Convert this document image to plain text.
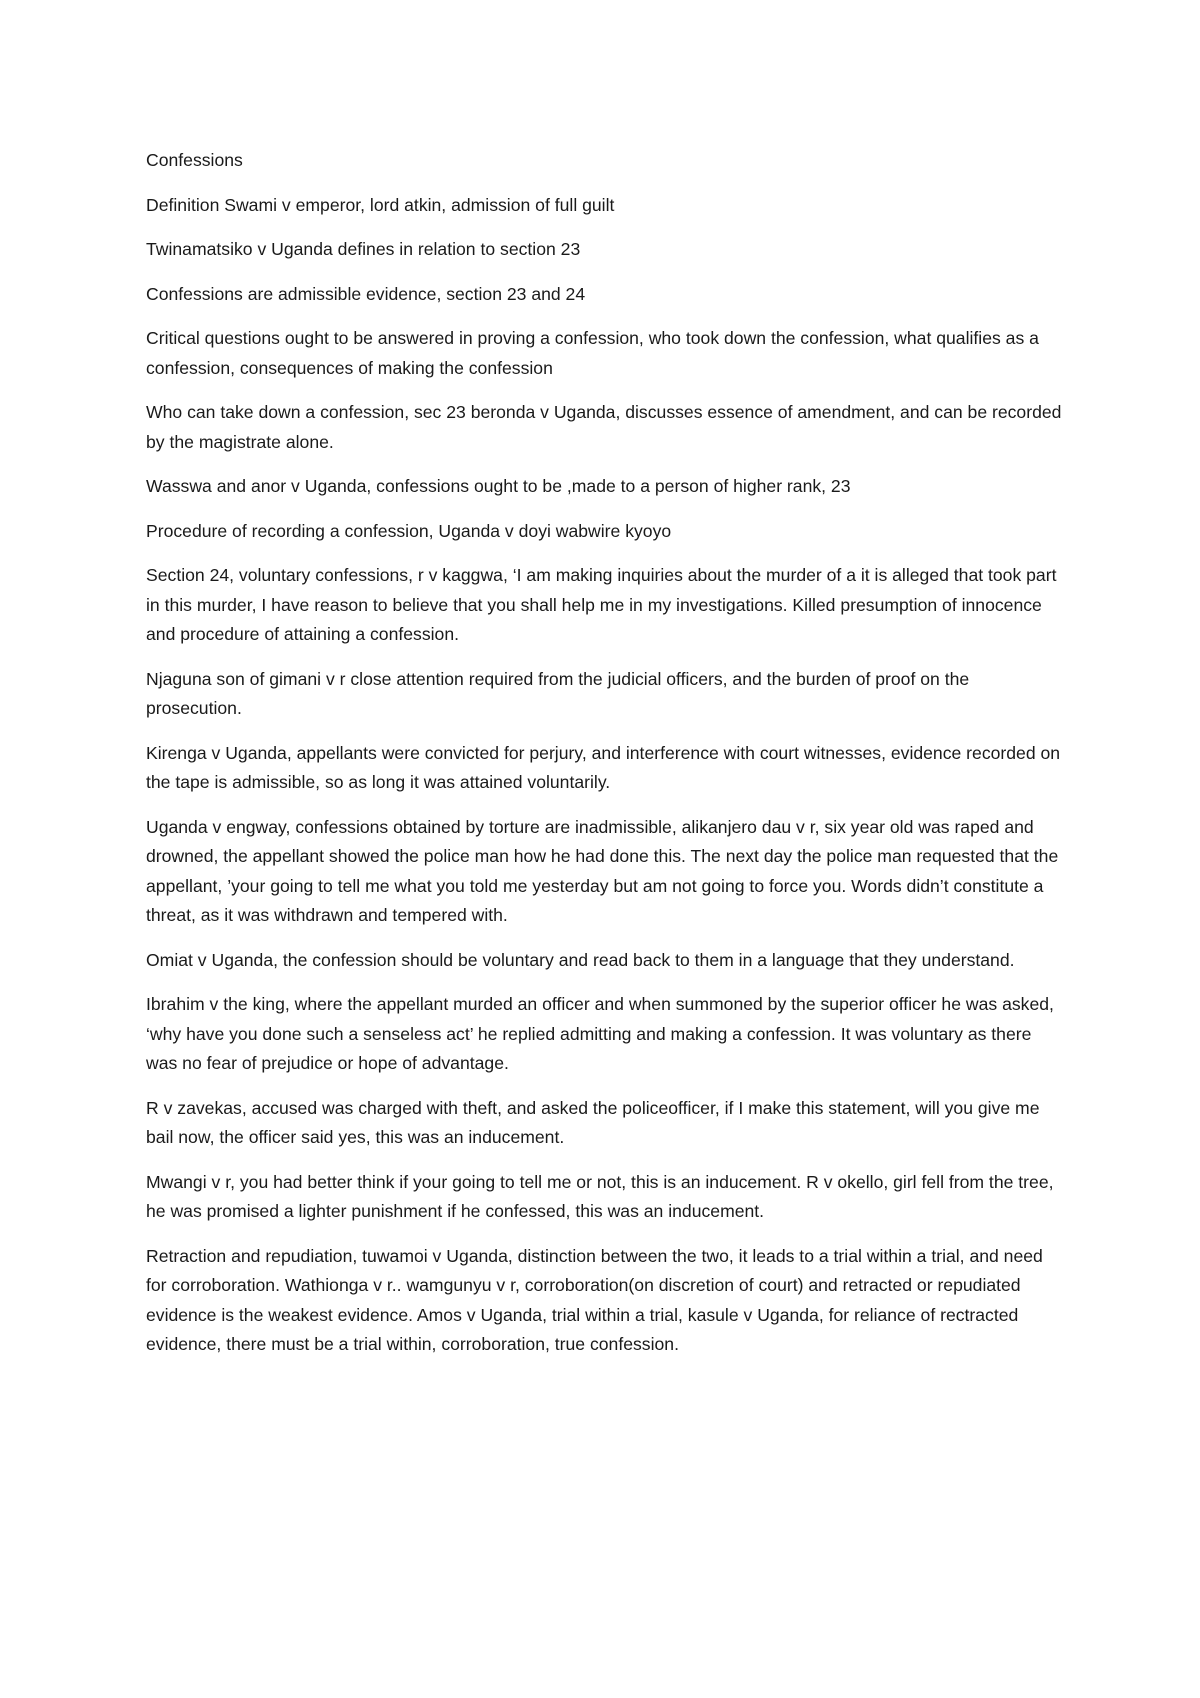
Confessions

Definition Swami v emperor, lord atkin, admission of full guilt

Twinamatsiko v Uganda defines in relation to section 23

Confessions are admissible evidence, section 23 and 24

Critical questions ought to be answered in proving a confession, who took down the confession, what qualifies as a confession, consequences of making the confession

Who can take down a confession, sec 23 beronda v Uganda, discusses essence of amendment, and can be recorded by the magistrate alone.

Wasswa and anor v Uganda, confessions ought to be ,made to a person of higher rank, 23

Procedure of recording a confession, Uganda v doyi wabwire kyoyo

Section 24, voluntary confessions, r v kaggwa, ‘I am making inquiries about the murder of a it is alleged that took part in this murder, I have reason to believe that you shall help me in my investigations. Killed presumption of innocence and procedure of attaining a confession.

Njaguna son of gimani v r close attention required from the judicial officers, and the burden of proof on the prosecution.

Kirenga v Uganda, appellants were convicted for perjury, and interference with court witnesses, evidence recorded on the tape is admissible, so as long it was attained voluntarily.

Uganda v engway, confessions obtained by torture are inadmissible, alikanjero dau v r, six year old was raped and drowned, the appellant showed the police man how he had done this. The next day the police man requested that the appellant, ’your going to tell me what you told me yesterday but am not going to force you. Words didn’t constitute a threat, as it was withdrawn and tempered with.

Omiat v Uganda, the confession should be voluntary and read back to them in a language that they understand.

Ibrahim v the king, where the appellant murded an officer and when summoned by the superior officer he was asked, ‘why have you done such a senseless act’ he replied admitting and making a confession. It was voluntary as there was no fear of prejudice or hope of advantage.

R v zavekas, accused was charged with theft, and asked the policeofficer, if I make this statement, will you give me bail now, the officer said yes, this was an inducement.

Mwangi v r, you had better think if your going to tell me or not, this is an inducement. R v okello, girl fell from the tree, he was promised a lighter punishment if he confessed, this was an inducement.

Retraction and repudiation, tuwamoi v Uganda, distinction between the two, it leads to a trial within a trial, and need for corroboration. Wathionga v r.. wamgunyu v r, corroboration(on discretion of court) and retracted or repudiated evidence is the weakest evidence. Amos v Uganda, trial within a trial, kasule v Uganda, for reliance of rectracted evidence, there must be a trial within, corroboration, true confession.
